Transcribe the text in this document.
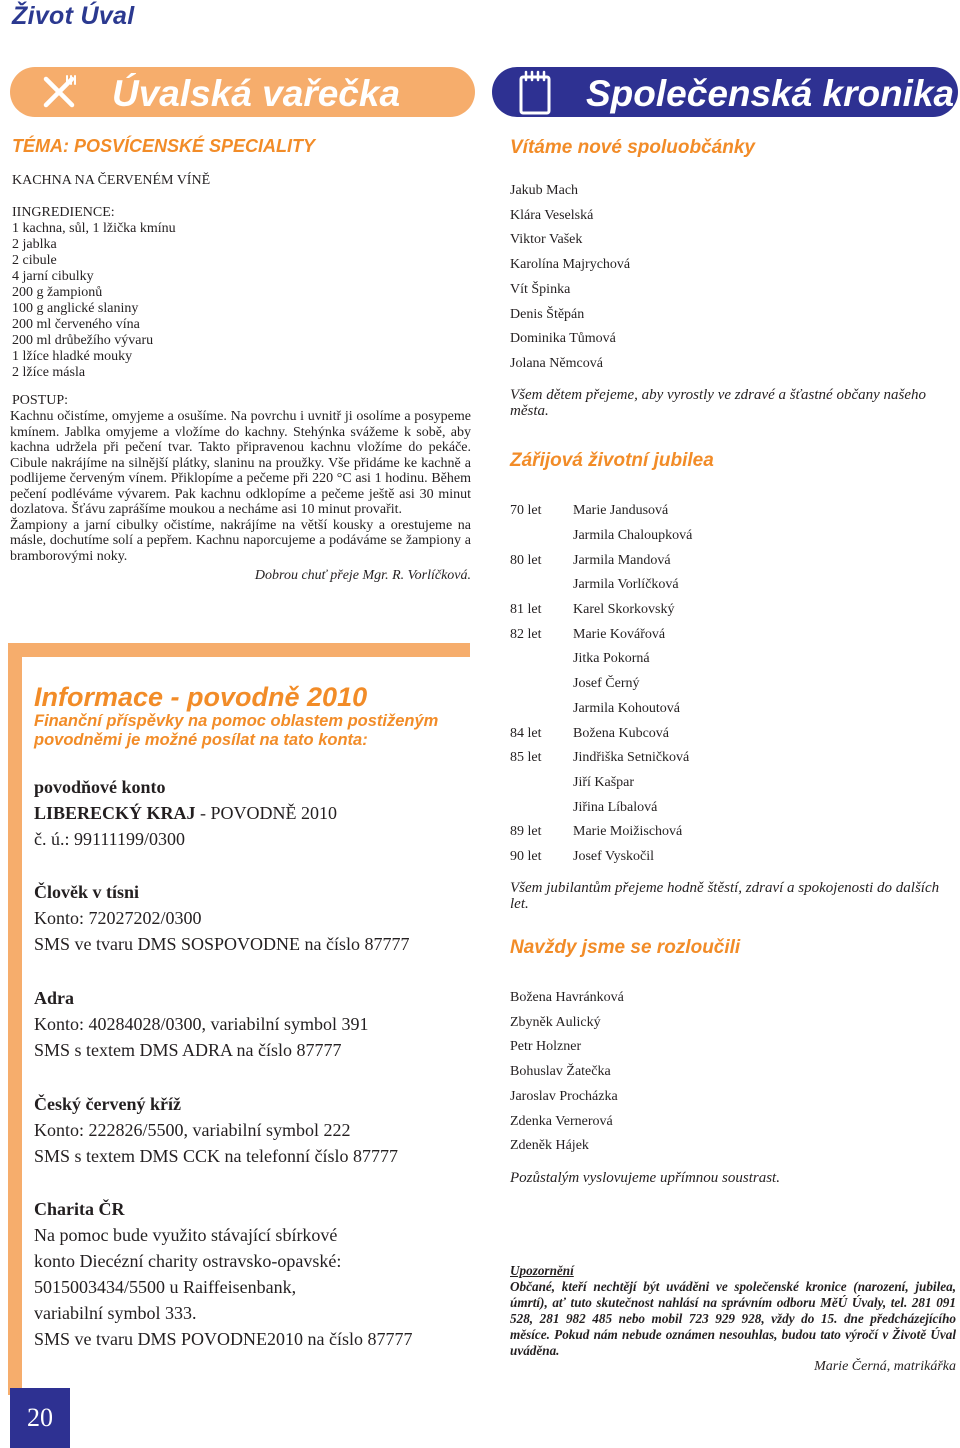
Život Úval
Úvalská vařečka	Společenská kronika
TÉMA: POSVÍCENSKÉ SPECIALITY
KACHNA NA ČERVENÉM VÍNĚ
IINGREDIENCE:
1 kachna, sůl, 1 lžička kmínu
2 jablka
2 cibule
4 jarní cibulky
200 g žampionů
100 g anglické slaniny
200 ml červeného vína
200 ml drůbežího vývaru
1 lžíce hladké mouky
2 lžíce másla
POSTUP:

Kachnu očistíme, omyjeme a osušíme. Na povrchu i uvnitř ji osolíme a posypeme kmínem. Jablka omyjeme a vložíme do kachny. Stehýnka svážeme k sobě, aby kachna udržela při pečení tvar. Takto připravenou kachnu vložíme do pekáče. Cibule nakrájíme na silnější plátky, slaninu na proužky. Vše přidáme ke kachně a podlijeme červeným vínem. Přiklopíme a pečeme při 220 °C asi 1 hodinu. Během pečení podléváme vývarem. Pak kachnu odklopíme a pečeme ještě asi 30 minut dozlatova. Šťávu zaprášíme moukou a necháme asi 10 minut provařit.

Žampiony a jarní cibulky očistíme, nakrájíme na větší kousky a orestujeme na másle, dochutíme solí a pepřem. Kachnu naporcujeme a podáváme se žampiony a bramborovými noky.

Dobrou chuť přeje Mgr. R. Vorlíčková.

Informace - povodně 2010
Finanční příspěvky na pomoc oblastem postiženým povodněmi je možné posílat na tato konta:
povodňové konto
LIBERECKÝ KRAJ - POVODNĚ 2010
č. ú.: 99111199/0300
Člověk v tísni
Konto: 72027202/0300
SMS ve tvaru DMS SOSPOVODNE na číslo 87777
Adra
Konto: 40284028/0300, variabilní symbol 391
SMS s textem DMS ADRA na číslo 87777
Český červený kříž
Konto: 222826/5500, variabilní symbol 222
SMS s textem DMS CCK na telefonní číslo 87777
Charita ČR
Na pomoc bude využito stávající sbírkové
konto Diecézní charity ostravsko-opavské:
5015003434/5500 u Raiffeisenbank,
variabilní symbol 333.
SMS ve tvaru DMS POVODNE2010 na číslo 87777
20
Vítáme nové spoluobčánky
Jakub Mach
Klára Veselská
Viktor Vašek
Karolína Majrychová
Vít Špinka
Denis Štěpán
Dominika Tůmová
Jolana Němcová
Všem dětem přejeme, aby vyrostly ve zdravé a šťastné občany našeho města.
Zářijová životní jubilea
70 let	Marie Jandusová
	Jarmila Chaloupková
80 let	Jarmila Mandová
	Jarmila Vorlíčková
81 let	Karel Skorkovský
82 let	Marie Kovářová
	Jitka Pokorná
	Josef Černý
	Jarmila Kohoutová
84 let	Božena Kubcová
85 let	Jindřiška Setničková
	Jiří Kašpar
	Jiřina Líbalová
89 let	Marie Moižischová
90 let	Josef Vyskočil
Všem jubilantům přejeme hodně štěstí, zdraví a spokojenosti do dalších let.
Navždy jsme se rozloučili
Božena Havránková
Zbyněk Aulický
Petr Holzner
Bohuslav Žatečka
Jaroslav Procházka
Zdenka Vernerová
Zdeněk Hájek
Pozůstalým vyslovujeme upřímnou soustrast.
Upozornění
Občané, kteří nechtějí být uváděni ve společenské kronice (narození, jubilea, úmrtí), ať tuto skutečnost nahlásí na správním odboru MěÚ Úvaly, tel. 281 091 528, 281 982 485 nebo mobil 723 929 928, vždy do 15. dne předcházejícího měsíce. Pokud nám nebude oznámen nesouhlas, budou tato výročí v Životě Úval uváděna.
Marie Černá, matrikářka
